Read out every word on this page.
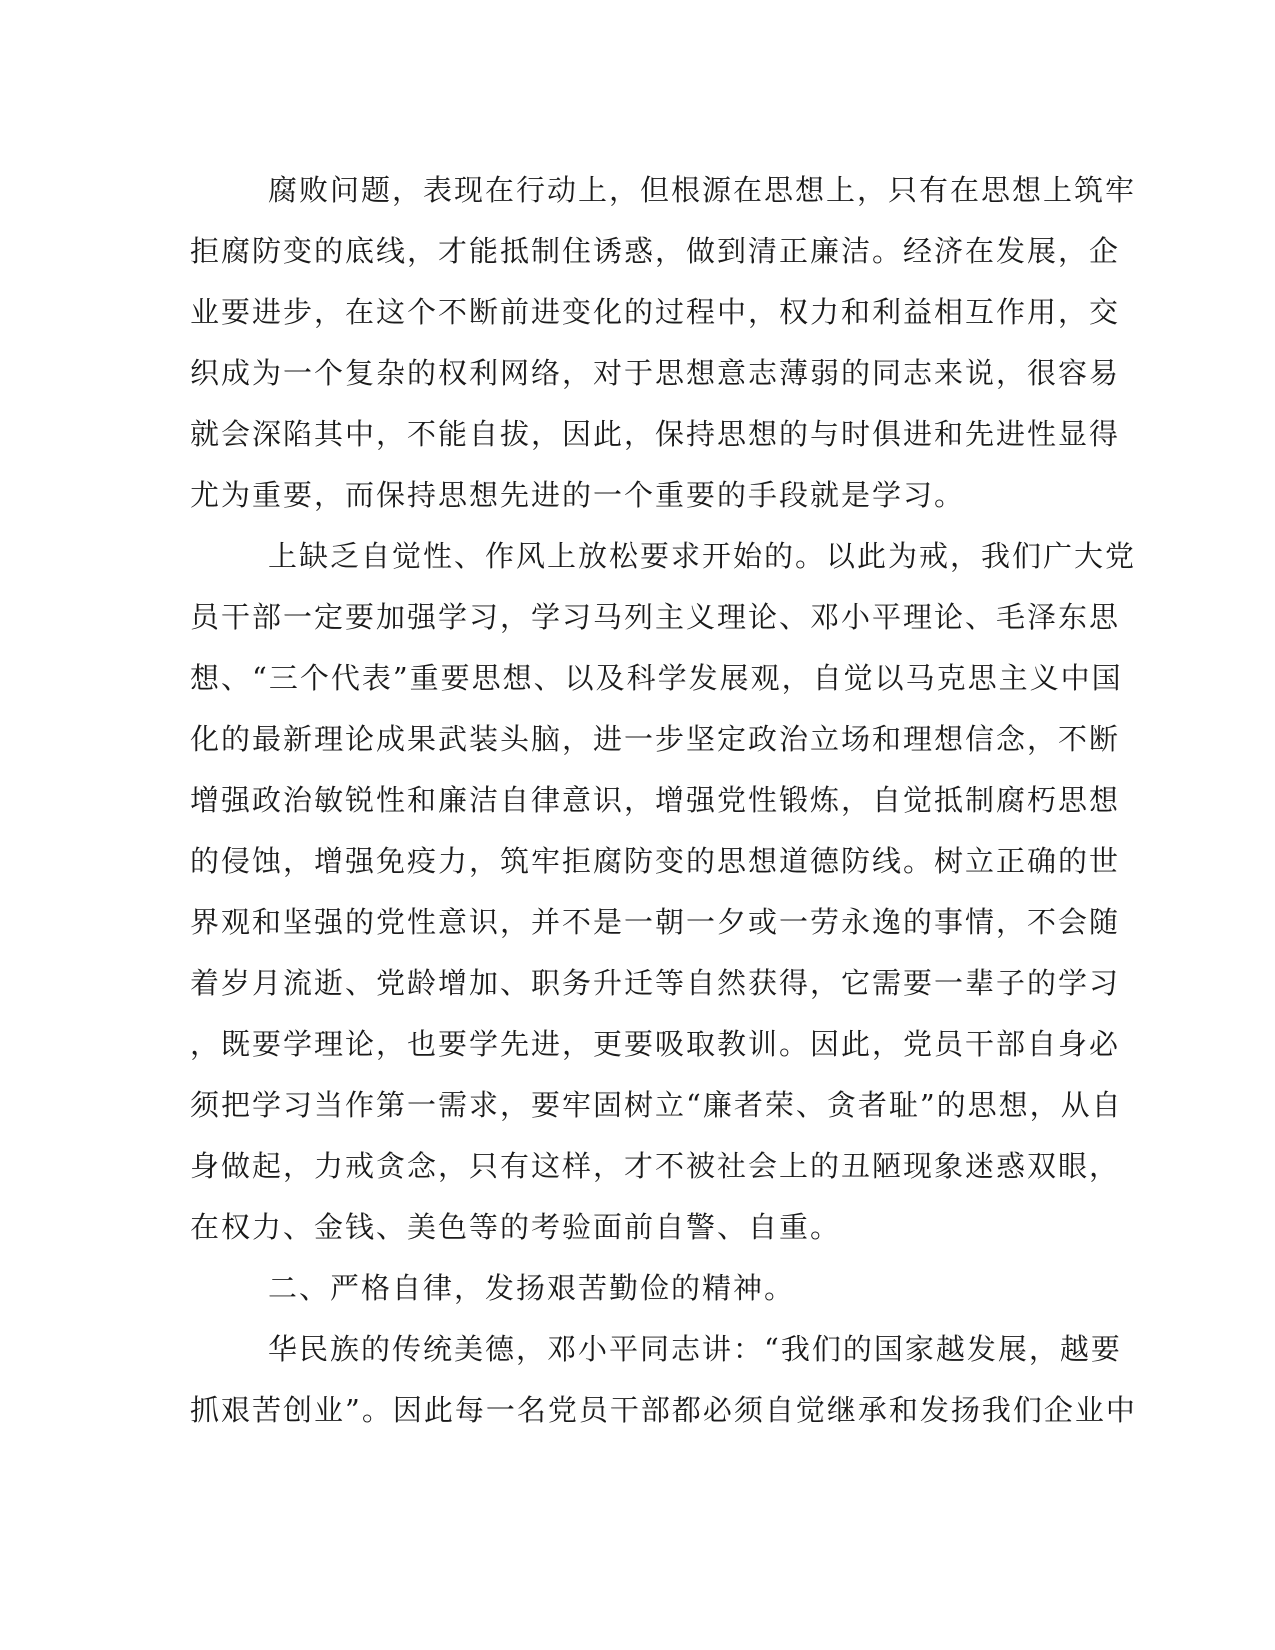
腐败问题，表现在行动上，但根源在思想上，只有在思想上筑牢
拒腐防变的底线，才能抵制住诱惑，做到清正廉洁。经济在发展，企
业要进步，在这个不断前进变化的过程中，权力和利益相互作用，交
织成为一个复杂的权利网络，对于思想意志薄弱的同志来说，很容易
就会深陷其中，不能自拔，因此，保持思想的与时俱进和先进性显得
尤为重要，而保持思想先进的一个重要的手段就是学习。
上缺乏自觉性、作风上放松要求开始的。以此为戒，我们广大党
员干部一定要加强学习，学习马列主义理论、邓小平理论、毛泽东思
想、“三个代表”重要思想、以及科学发展观，自觉以马克思主义中国
化的最新理论成果武装头脑，进一步坚定政治立场和理想信念，不断
增强政治敏锐性和廉洁自律意识，增强党性锻炼，自觉抵制腐朽思想
的侵蚀，增强免疫力，筑牢拒腐防变的思想道德防线。树立正确的世
界观和坚强的党性意识，并不是一朝一夕或一劳永逸的事情，不会随
着岁月流逝、党龄增加、职务升迁等自然获得，它需要一辈子的学习
，既要学理论，也要学先进，更要吸取教训。因此，党员干部自身必
须把学习当作第一需求，要牢固树立“廉者荣、贪者耻”的思想，从自
身做起，力戒贪念，只有这样，才不被社会上的丑陋现象迷惑双眼，
在权力、金钱、美色等的考验面前自警、自重。
二、严格自律，发扬艰苦勤俭的精神。
华民族的传统美德，邓小平同志讲：“我们的国家越发展，越要
抓艰苦创业”。因此每一名党员干部都必须自觉继承和发扬我们企业中
